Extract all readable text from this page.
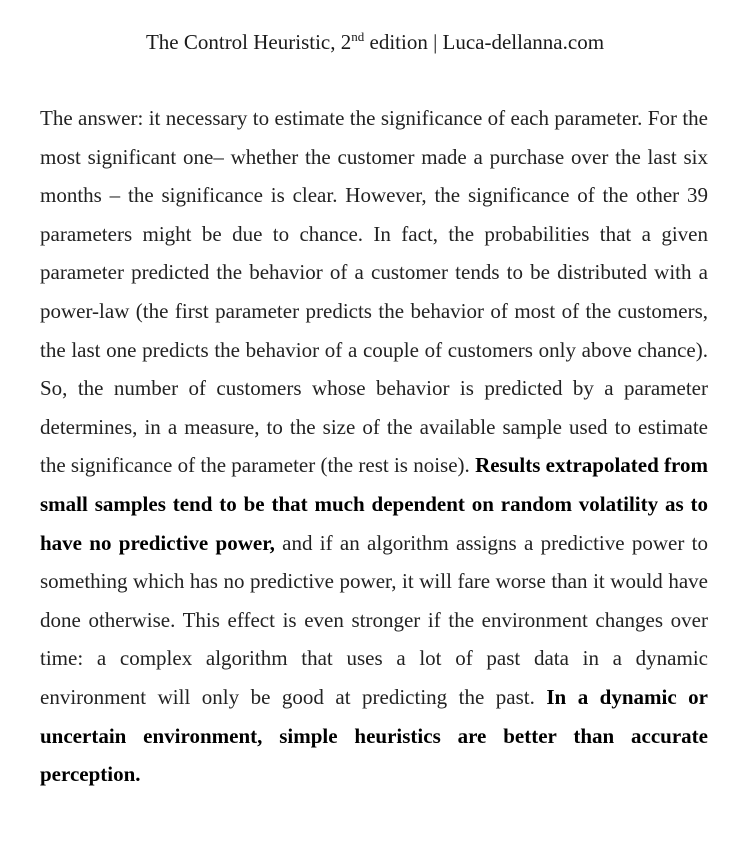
The Control Heuristic, 2nd edition | Luca-dellanna.com

The answer: it necessary to estimate the significance of each parameter. For the most significant one– whether the customer made a purchase over the last six months – the significance is clear. However, the significance of the other 39 parameters might be due to chance. In fact, the probabilities that a given parameter predicted the behavior of a customer tends to be distributed with a power-law (the first parameter predicts the behavior of most of the customers, the last one predicts the behavior of a couple of customers only above chance). So, the number of customers whose behavior is predicted by a parameter determines, in a measure, to the size of the available sample used to estimate the significance of the parameter (the rest is noise). Results extrapolated from small samples tend to be that much dependent on random volatility as to have no predictive power, and if an algorithm assigns a predictive power to something which has no predictive power, it will fare worse than it would have done otherwise. This effect is even stronger if the environment changes over time: a complex algorithm that uses a lot of past data in a dynamic environment will only be good at predicting the past. In a dynamic or uncertain environment, simple heuristics are better than accurate perception.
